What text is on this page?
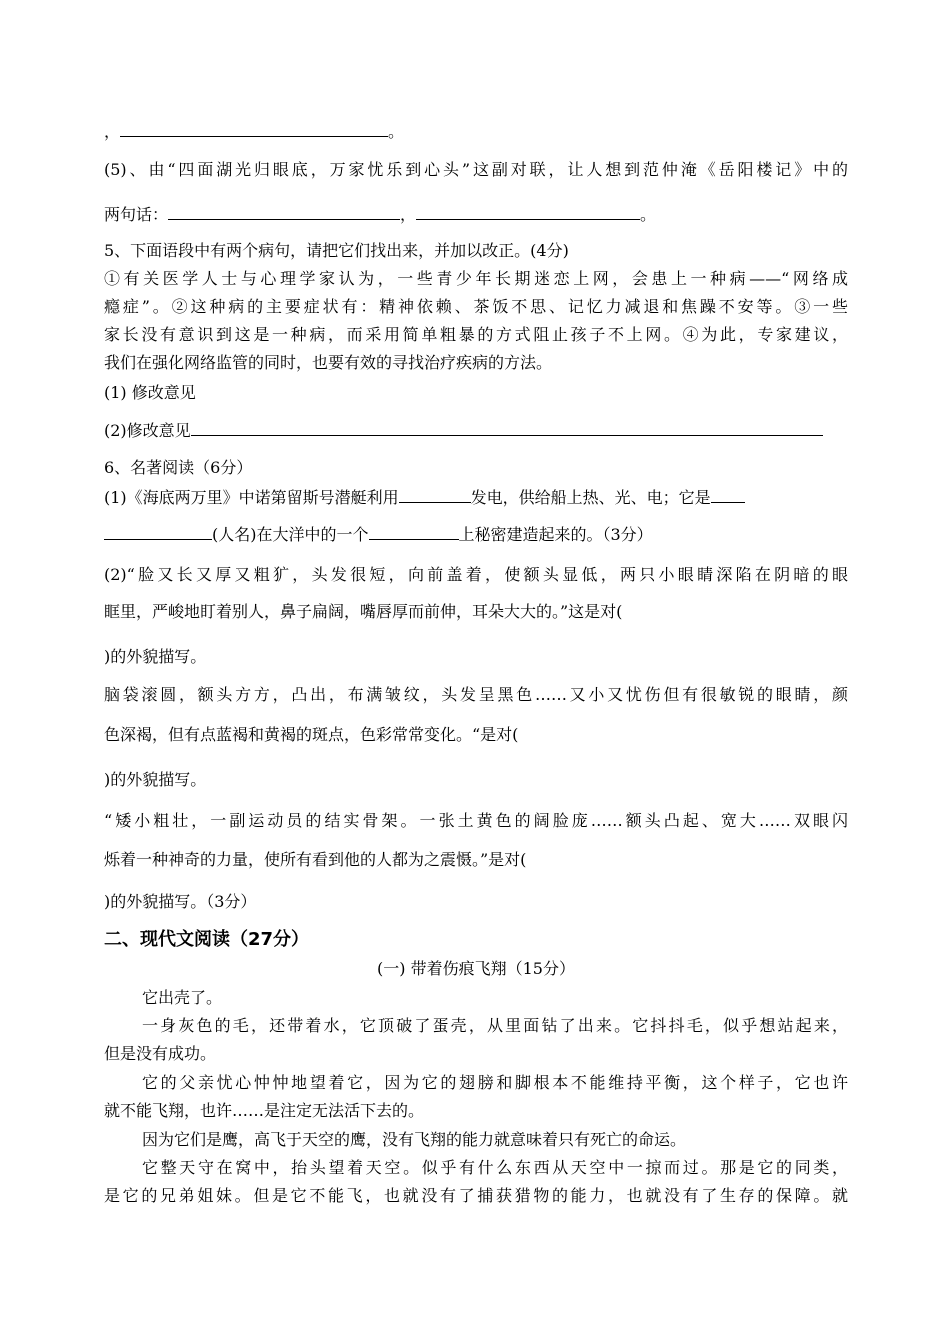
，	。
(5)、由“四面湖光归眼底，万家忧乐到心头”这副对联，让人想到范仲淹《岳阳楼记》中的
两句话：	，	。
5、下面语段中有两个病句，请把它们找出来，并加以改正。(4分)
①有关医学人士与心理学家认为，一些青少年长期迷恋上网，会患上一种病——“网络成
瘾症”。②这种病的主要症状有：精神依赖、茶饭不思、记忆力减退和焦躁不安等。③一些
家长没有意识到这是一种病，而采用简单粗暴的方式阻止孩子不上网。④为此，专家建议，
我们在强化网络监管的同时，也要有效的寻找治疗疾病的方法。
(1) 修改意见
(2)修改意见
6、名著阅读（6分）
(1)《海底两万里》中诺第留斯号潜艇利用	发电，供给船上热、光、电；它是
(人名)在大洋中的一个	上秘密建造起来的。（3分）
(2)“脸又长又厚又粗犷，头发很短，向前盖着，使额头显低，两只小眼睛深陷在阴暗的眼
眶里，严峻地盯着别人，鼻子扁阔，嘴唇厚而前伸，耳朵大大的。”这是对(
)的外貌描写。
脑袋滚圆，额头方方，凸出，布满皱纹，头发呈黑色……又小又忧伤但有很敏锐的眼睛，颜
色深褐，但有点蓝褐和黄褐的斑点，色彩常常变化。“是对(
)的外貌描写。
“矮小粗壮，一副运动员的结实骨架。一张土黄色的阔脸庞……额头凸起、宽大……双眼闪
烁着一种神奇的力量，使所有看到他的人都为之震慑。”是对(
)的外貌描写。（3分）
二、现代文阅读（27分）
(一) 带着伤痕飞翔（15分）
它出壳了。
一身灰色的毛，还带着水，它顶破了蛋壳，从里面钻了出来。它抖抖毛，似乎想站起来，
但是没有成功。
它的父亲忧心忡忡地望着它，因为它的翅膀和脚根本不能维持平衡，这个样子，它也许
就不能飞翔，也许……是注定无法活下去的。
因为它们是鹰，高飞于天空的鹰，没有飞翔的能力就意味着只有死亡的命运。
它整天守在窝中，抬头望着天空。似乎有什么东西从天空中一掠而过。那是它的同类，
是它的兄弟姐妹。但是它不能飞，也就没有了捕获猎物的能力，也就没有了生存的保障。就
